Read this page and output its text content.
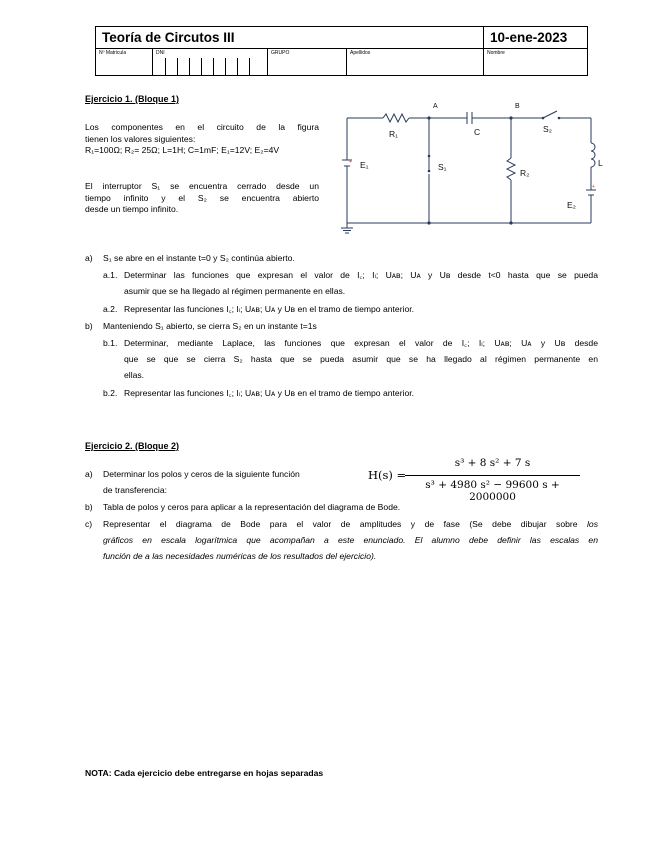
Teoría de Circutos III	10-ene-2023
Nº Matricula	DNI	GRUPO	Apellidos	Nombre
Ejercicio 1. (Bloque 1)
Los componentes en el circuito de la figura
tienen los valores siguientes:
R₁=100Ω; R₂= 25Ω; L=1H; C=1mF; E₁=12V; E₂=4V
El interruptor S₁ se encuentra cerrado desde un
tiempo infinito y el S₂ se encuentra abierto
desde un tiempo infinito.
A	B
R₁	C	S₂
L
E₁	S₁
R₂
E₂
+
+
a) S₁ se abre en el instante t=0 y S₂ continúa abierto.
a.1. Determinar las funciones que expresan el valor de I꜀; Iₗ; Uᴀʙ; Uᴀ y Uʙ desde t<0 hasta que se pueda
asumir que se ha llegado al régimen permanente en ellas.
a.2. Representar las funciones I꜀; Iₗ; Uᴀʙ; Uᴀ y Uʙ en el tramo de tiempo anterior.
b) Manteniendo S₁ abierto, se cierra S₂ en un instante t=1s
b.1. Determinar, mediante Laplace, las funciones que expresan el valor de I꜀; Iₗ; Uᴀʙ; Uᴀ y Uʙ desde
que se que se cierra S₂ hasta que se pueda asumir que se ha llegado al régimen permanente en
ellas.
b.2. Representar las funciones I꜀; Iₗ; Uᴀʙ; Uᴀ y Uʙ en el tramo de tiempo anterior.
Ejercicio 2. (Bloque 2)
a) Determinar los polos y ceros de la siguiente función
de transferencia:
H(s) =
s³ + 8 s² + 7 s
s³ + 4980 s² − 99600 s + 2000000
b) Tabla de polos y ceros para aplicar a la representación del diagrama de Bode.
c) Representar el diagrama de Bode para el valor de amplitudes y de fase (Se debe dibujar sobre los
gráficos en escala logarítmica que acompañan a este enunciado. El alumno debe definir las escalas en
función de a las necesidades numéricas de los resultados del ejercicio).
NOTA: Cada ejercicio debe entregarse en hojas separadas
